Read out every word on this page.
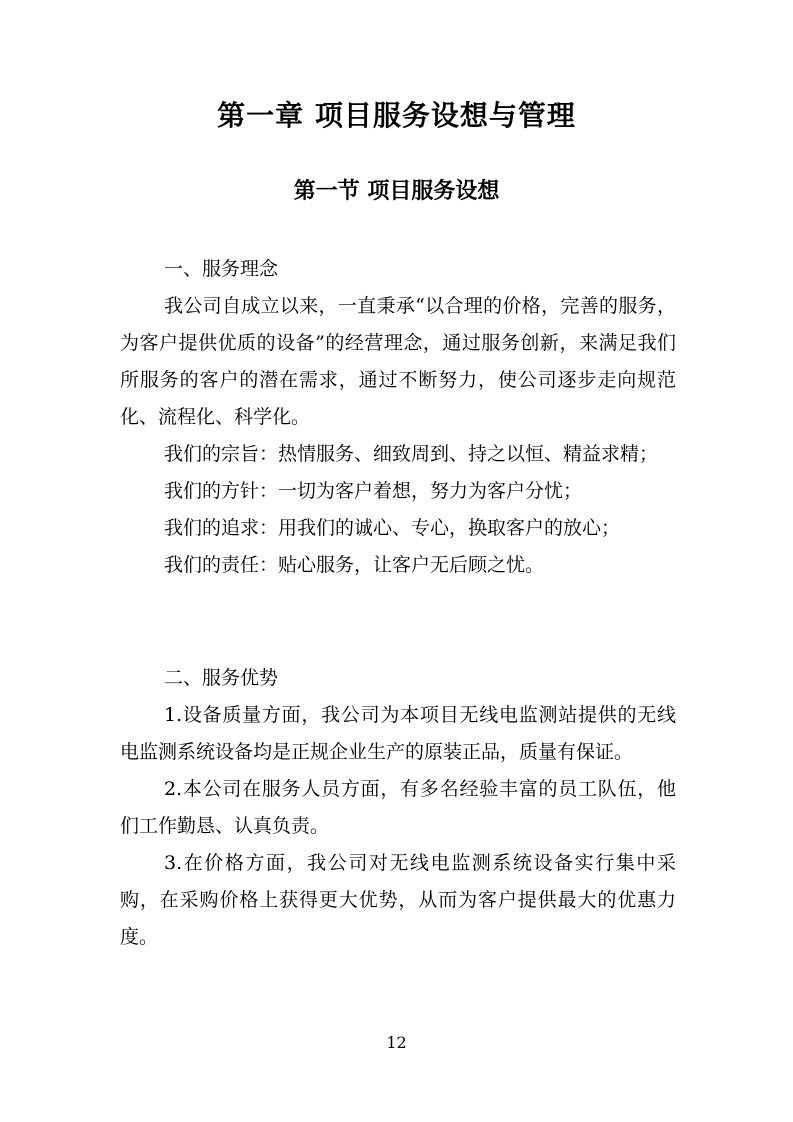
第一章 项目服务设想与管理
第一节 项目服务设想

一、服务理念

我公司自成立以来，一直秉承“以合理的价格，完善的服务，为客户提供优质的设备”的经营理念，通过服务创新，来满足我们所服务的客户的潜在需求，通过不断努力，使公司逐步走向规范化、流程化、科学化。

我们的宗旨：热情服务、细致周到、持之以恒、精益求精；

我们的方针：一切为客户着想，努力为客户分忧；

我们的追求：用我们的诚心、专心，换取客户的放心；

我们的责任：贴心服务，让客户无后顾之忧。

二、服务优势

1.设备质量方面，我公司为本项目无线电监测站提供的无线电监测系统设备均是正规企业生产的原装正品，质量有保证。

2.本公司在服务人员方面，有多名经验丰富的员工队伍，他们工作勤恳、认真负责。

3.在价格方面，我公司对无线电监测系统设备实行集中采购，在采购价格上获得更大优势，从而为客户提供最大的优惠力度。

12
